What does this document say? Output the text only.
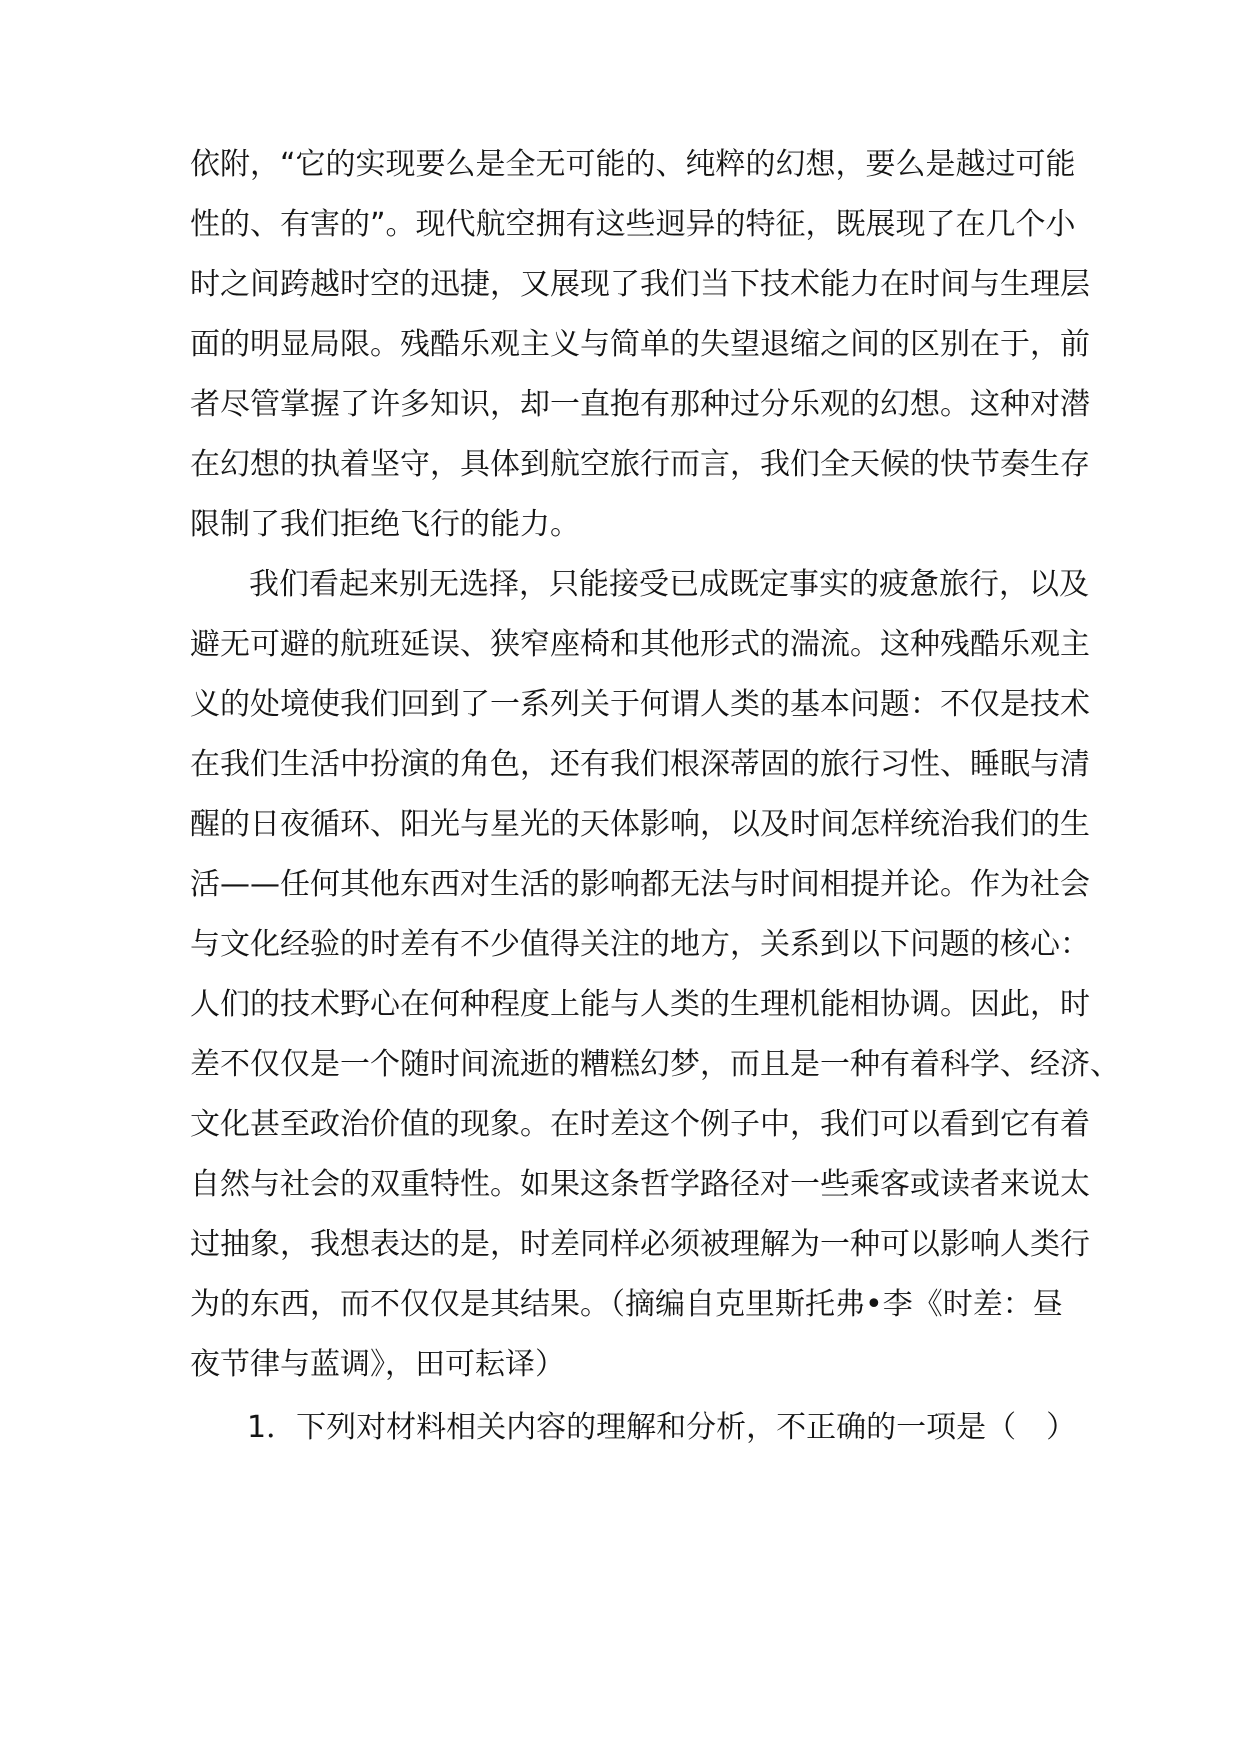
依附，“它的实现要么是全无可能的、纯粹的幻想，要么是越过可能
性的、有害的”。现代航空拥有这些迥异的特征，既展现了在几个小
时之间跨越时空的迅捷，又展现了我们当下技术能力在时间与生理层
面的明显局限。残酷乐观主义与简单的失望退缩之间的区别在于，前
者尽管掌握了许多知识，却一直抱有那种过分乐观的幻想。这种对潜
在幻想的执着坚守，具体到航空旅行而言，我们全天候的快节奏生存
限制了我们拒绝飞行的能力。
我们看起来别无选择，只能接受已成既定事实的疲惫旅行，以及
避无可避的航班延误、狭窄座椅和其他形式的湍流。这种残酷乐观主
义的处境使我们回到了一系列关于何谓人类的基本问题：不仅是技术
在我们生活中扮演的角色，还有我们根深蒂固的旅行习性、睡眠与清
醒的日夜循环、阳光与星光的天体影响，以及时间怎样统治我们的生
活——任何其他东西对生活的影响都无法与时间相提并论。作为社会
与文化经验的时差有不少值得关注的地方，关系到以下问题的核心：
人们的技术野心在何种程度上能与人类的生理机能相协调。因此，时
差不仅仅是一个随时间流逝的糟糕幻梦，而且是一种有着科学、经济、
文化甚至政治价值的现象。在时差这个例子中，我们可以看到它有着
自然与社会的双重特性。如果这条哲学路径对一些乘客或读者来说太
过抽象，我想表达的是，时差同样必须被理解为一种可以影响人类行
为的东西，而不仅仅是其结果。（摘编自克里斯托弗•李《时差：昼
夜节律与蓝调》，田可耘译）
1．下列对材料相关内容的理解和分析，不正确的一项是（　）
